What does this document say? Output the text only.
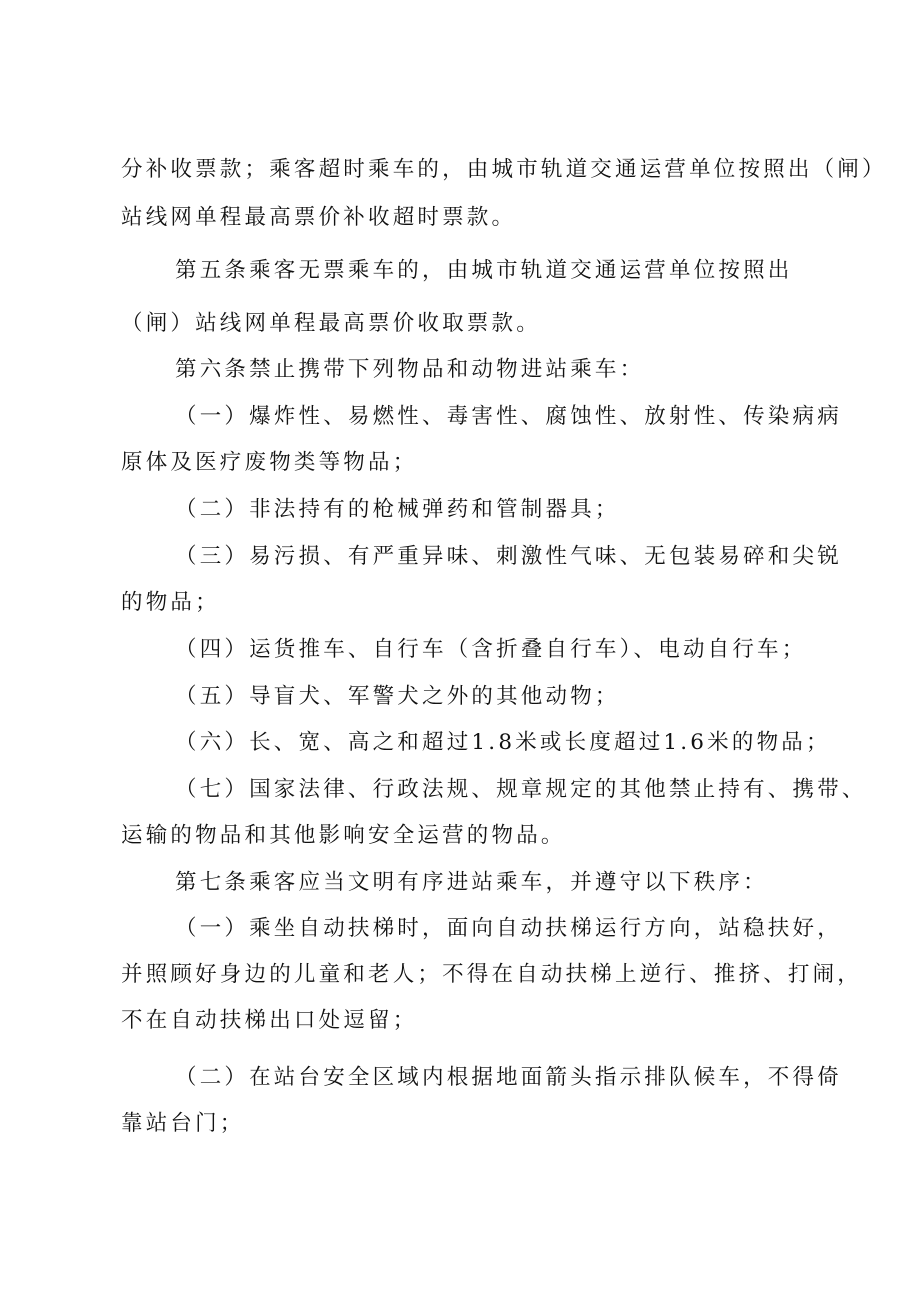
分补收票款；乘客超时乘车的，由城市轨道交通运营单位按照出（闸）
站线网单程最高票价补收超时票款。
第五条乘客无票乘车的，由城市轨道交通运营单位按照出
（闸）站线网单程最高票价收取票款。
第六条禁止携带下列物品和动物进站乘车：
（一）爆炸性、易燃性、毒害性、腐蚀性、放射性、传染病病
原体及医疗废物类等物品；
（二）非法持有的枪械弹药和管制器具；
（三）易污损、有严重异味、刺激性气味、无包装易碎和尖锐
的物品；
（四）运货推车、自行车（含折叠自行车）、电动自行车；
（五）导盲犬、军警犬之外的其他动物；
（六）长、宽、高之和超过1.8米或长度超过1.6米的物品；
（七）国家法律、行政法规、规章规定的其他禁止持有、携带、
运输的物品和其他影响安全运营的物品。
第七条乘客应当文明有序进站乘车，并遵守以下秩序：
（一）乘坐自动扶梯时，面向自动扶梯运行方向，站稳扶好，
并照顾好身边的儿童和老人；不得在自动扶梯上逆行、推挤、打闹，
不在自动扶梯出口处逗留；
（二）在站台安全区域内根据地面箭头指示排队候车，不得倚
靠站台门；
